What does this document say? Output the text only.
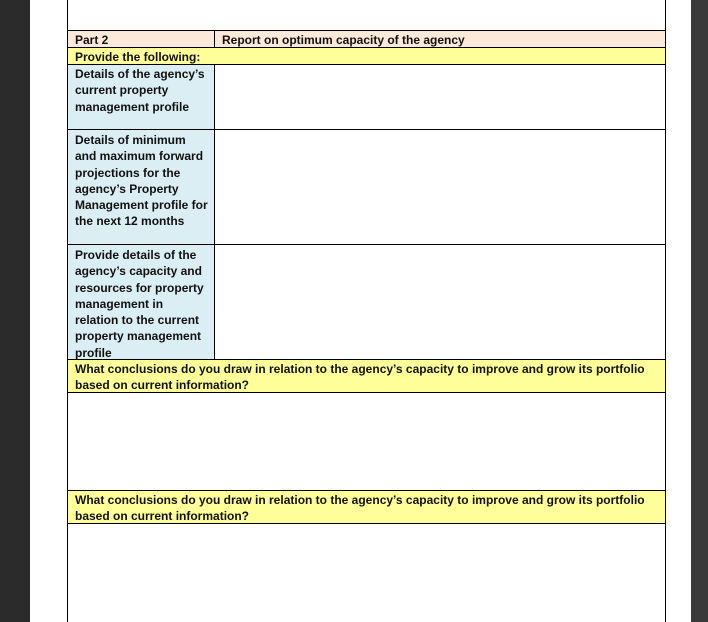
Part 2	Report on optimum capacity of the agency
Provide the following:
Details of the agency’s current property management profile
Details of minimum and maximum forward projections for the agency’s Property Management profile for the next 12 months
Provide details of the agency’s capacity and resources for property management in relation to the current property management profile
What conclusions do you draw in relation to the agency’s capacity to improve and grow its portfolio based on current information?
What conclusions do you draw in relation to the agency’s capacity to improve and grow its portfolio based on current information?
